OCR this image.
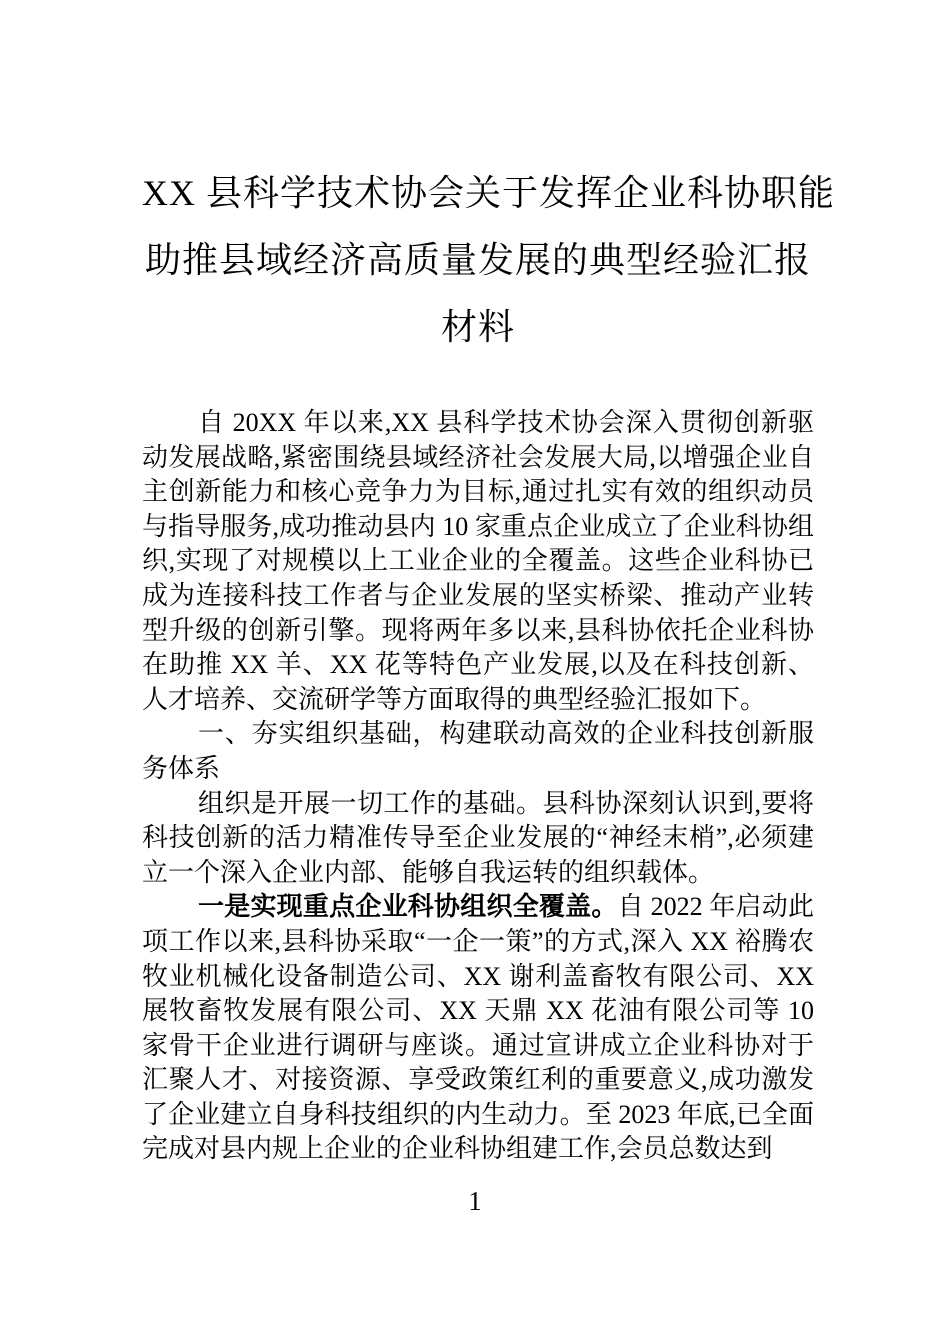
XX 县科学技术协会关于发挥企业科协职能
助推县域经济高质量发展的典型经验汇报
材料

自 20XX 年以来,XX 县科学技术协会深入贯彻创新驱动发展战略,紧密围绕县域经济社会发展大局,以增强企业自主创新能力和核心竞争力为目标,通过扎实有效的组织动员与指导服务,成功推动县内 10 家重点企业成立了企业科协组织,实现了对规模以上工业企业的全覆盖。这些企业科协已成为连接科技工作者与企业发展的坚实桥梁、推动产业转型升级的创新引擎。现将两年多以来,县科协依托企业科协在助推 XX 羊、XX 花等特色产业发展,以及在科技创新、人才培养、交流研学等方面取得的典型经验汇报如下。

一、夯实组织基础，构建联动高效的企业科技创新服务体系

组织是开展一切工作的基础。县科协深刻认识到,要将科技创新的活力精准传导至企业发展的“神经末梢”,必须建立一个深入企业内部、能够自我运转的组织载体。

一是实现重点企业科协组织全覆盖。自 2022 年启动此项工作以来,县科协采取“一企一策”的方式,深入 XX 裕腾农牧业机械化设备制造公司、XX 谢利盖畜牧有限公司、XX 展牧畜牧发展有限公司、XX 天鼎 XX 花油有限公司等 10 家骨干企业进行调研与座谈。通过宣讲成立企业科协对于汇聚人才、对接资源、享受政策红利的重要意义,成功激发了企业建立自身科技组织的内生动力。至 2023 年底,已全面完成对县内规上企业的企业科协组建工作,会员总数达到

1
